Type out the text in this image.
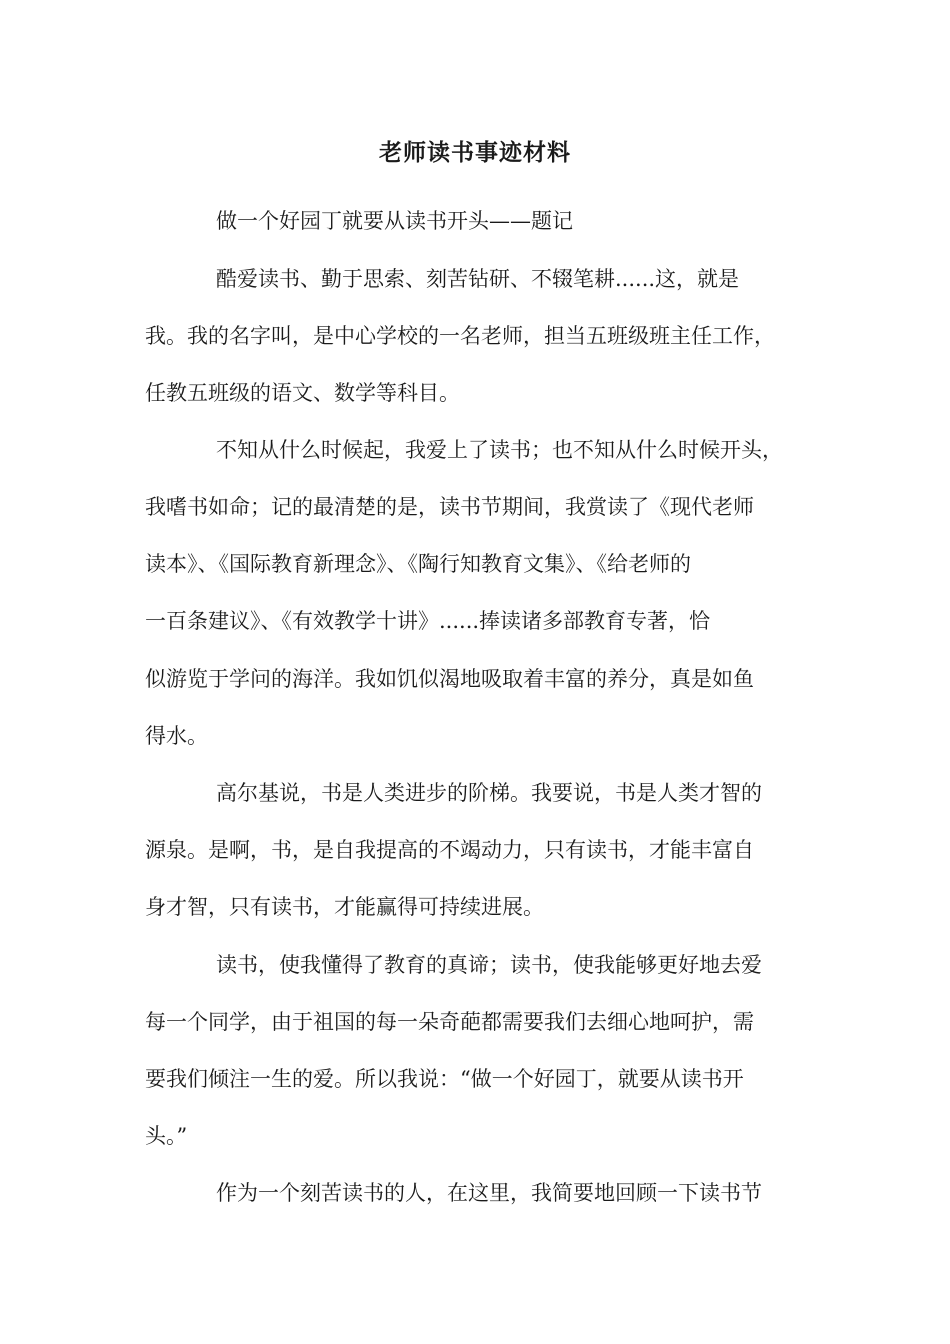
老师读书事迹材料
做一个好园丁就要从读书开头——题记
酷爱读书、勤于思索、刻苦钻研、不辍笔耕......这，就是
我。我的名字叫，是中心学校的一名老师，担当五班级班主任工作，
任教五班级的语文、数学等科目。
不知从什么时候起，我爱上了读书；也不知从什么时候开头，
我嗜书如命；记的最清楚的是，读书节期间，我赏读了《现代老师
读本》、《国际教育新理念》、《陶行知教育文集》、《给老师的
一百条建议》、《有效教学十讲》......捧读诸多部教育专著，恰
似游览于学问的海洋。我如饥似渴地吸取着丰富的养分，真是如鱼
得水。
高尔基说，书是人类进步的阶梯。我要说，书是人类才智的
源泉。是啊，书，是自我提高的不竭动力，只有读书，才能丰富自
身才智，只有读书，才能赢得可持续进展。
读书，使我懂得了教育的真谛；读书，使我能够更好地去爱
每一个同学，由于祖国的每一朵奇葩都需要我们去细心地呵护，需
要我们倾注一生的爱。所以我说：“做一个好园丁，就要从读书开
头。”
作为一个刻苦读书的人，在这里，我简要地回顾一下读书节
